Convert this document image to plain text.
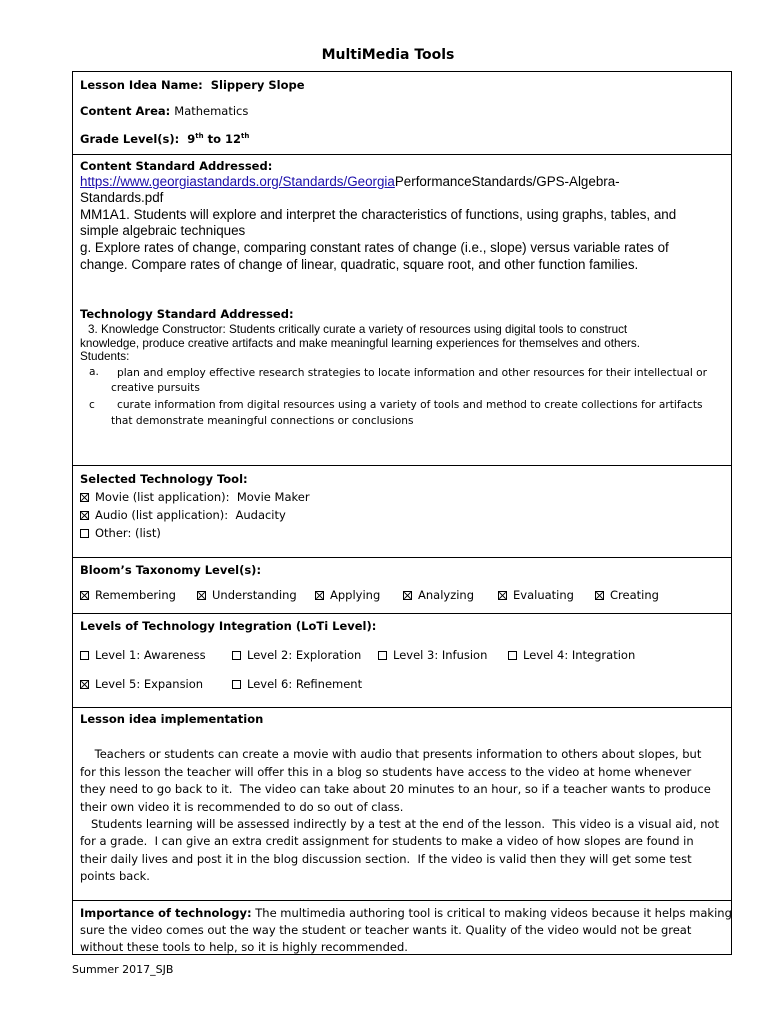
MultiMedia Tools
Lesson Idea Name: Slippery Slope
Content Area: Mathematics
Grade Level(s): 9th to 12th
Content Standard Addressed:
https://www.georgiastandards.org/Standards/GeorgiaPerformanceStandards/GPS-Algebra-
Standards.pdf
MM1A1. Students will explore and interpret the characteristics of functions, using graphs, tables, and
simple algebraic techniques
g. Explore rates of change, comparing constant rates of change (i.e., slope) versus variable rates of
change. Compare rates of change of linear, quadratic, square root, and other function families.
Technology Standard Addressed:
3. Knowledge Constructor: Students critically curate a variety of resources using digital tools to construct
knowledge, produce creative artifacts and make meaningful learning experiences for themselves and others.
Students:
a. plan and employ effective research strategies to locate information and other resources for their intellectual or
creative pursuits
c curate information from digital resources using a variety of tools and method to create collections for artifacts
that demonstrate meaningful connections or conclusions
Selected Technology Tool:
Movie (list application): Movie Maker
Audio (list application): Audacity
Other: (list)
Bloom’s Taxonomy Level(s):
Remembering	Understanding	Applying	Analyzing	Evaluating	Creating
Levels of Technology Integration (LoTi Level):
Level 1: Awareness	Level 2: Exploration	Level 3: Infusion	Level 4: Integration
Level 5: Expansion	Level 6: Refinement
Lesson idea implementation

Teachers or students can create a movie with audio that presents information to others about slopes, but
for this lesson the teacher will offer this in a blog so students have access to the video at home whenever
they need to go back to it.  The video can take about 20 minutes to an hour, so if a teacher wants to produce
their own video it is recommended to do so out of class.
Students learning will be assessed indirectly by a test at the end of the lesson.  This video is a visual aid, not
for a grade.  I can give an extra credit assignment for students to make a video of how slopes are found in
their daily lives and post it in the blog discussion section.  If the video is valid then they will get some test
points back.
Importance of technology: The multimedia authoring tool is critical to making videos because it helps making
sure the video comes out the way the student or teacher wants it. Quality of the video would not be great
without these tools to help, so it is highly recommended.
Summer 2017_SJB
